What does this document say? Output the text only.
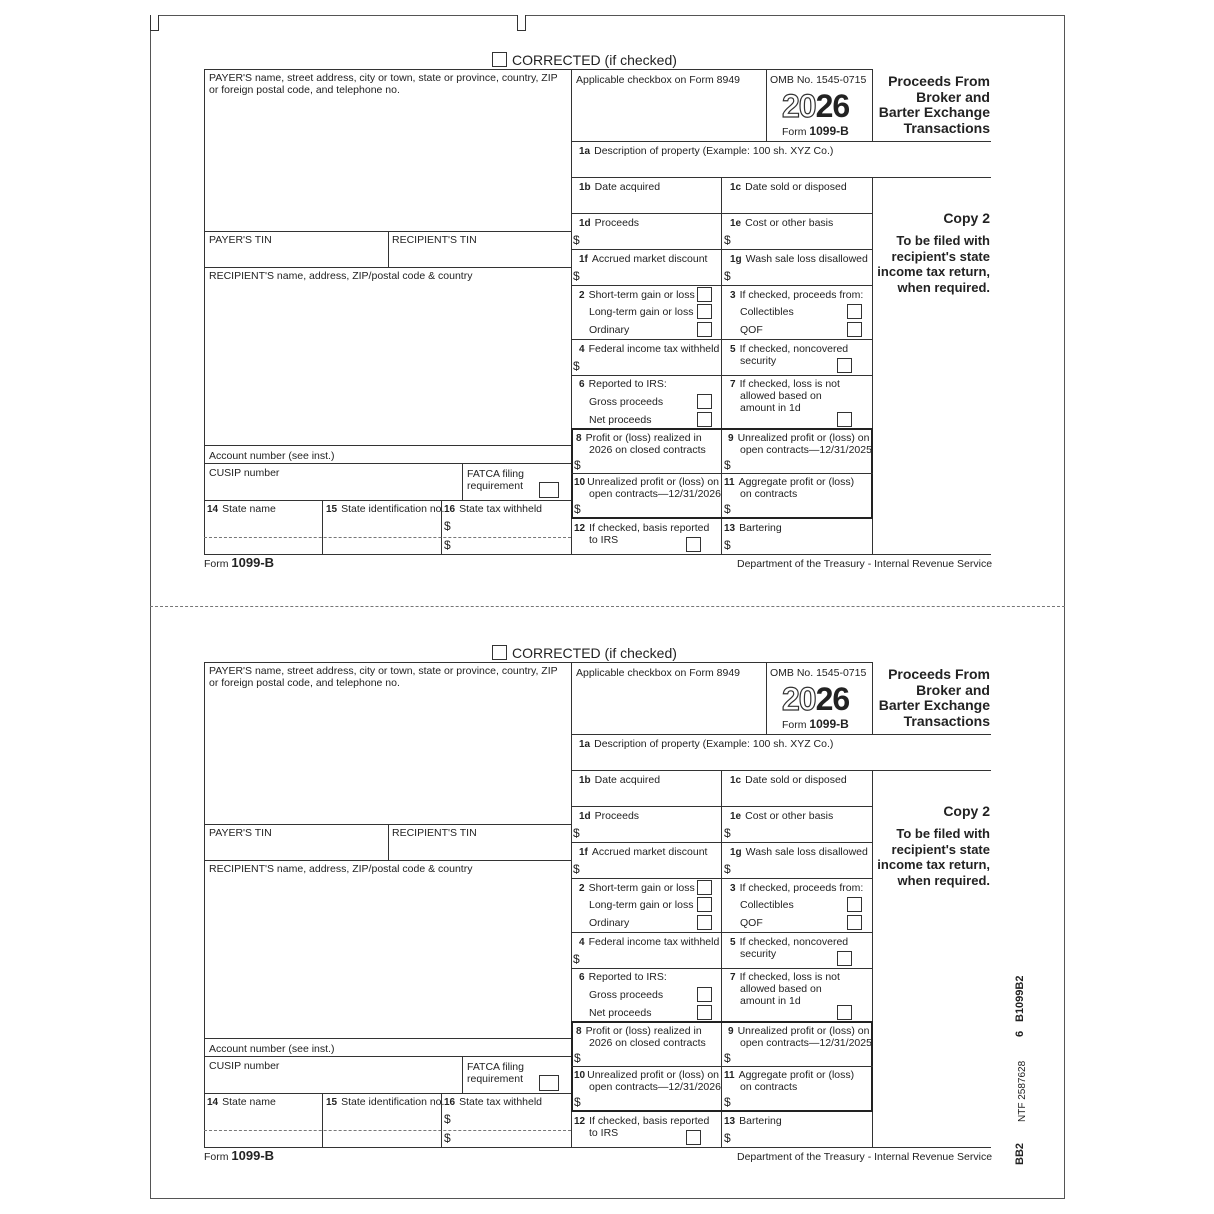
CORRECTED (if checked)
PAYER'S name, street address, city or town, state or province, country, ZIP
or foreign postal code, and telephone no.
PAYER'S TIN	RECIPIENT'S TIN
RECIPIENT'S name, address, ZIP/postal code & country
Account number (see inst.)
CUSIP number	FATCA filing
requirement
14 State name	15 State identification no. 16 State tax withheld
$
$
Form 1099-B	Department of the Treasury - Internal Revenue Service
Applicable checkbox on Form 8949	OMB No. 1545-0715
2026
Form 1099-B
Proceeds From
Broker and
Barter Exchange
Transactions
1a Description of property (Example: 100 sh. XYZ Co.)
1b Date acquired	1c Date sold or disposed
1d Proceeds	1e Cost or other basis
$	$
1f Accrued market discount 1g Wash sale loss disallowed
$	$
2 Short-term gain or loss
Long-term gain or loss
Ordinary
3 If checked, proceeds from:
Collectibles
QOF
4 Federal income tax withheld
$
5 If checked, noncovered
security
6 Reported to IRS:
Gross proceeds
Net proceeds
7 If checked, loss is not
allowed based on
amount in 1d
8 Profit or (loss) realized in
2026 on closed contracts
$
9 Unrealized profit or (loss) on
open contracts—12/31/2025
$
10 Unrealized profit or (loss) on
open contracts—12/31/2026
$
11 Aggregate profit or (loss)
on contracts
$
12 If checked, basis reported
to IRS
13 Bartering
$
Copy 2
To be filed with
recipient's state
income tax return,
when required.
CORRECTED (if checked)
PAYER'S name, street address, city or town, state or province, country, ZIP
or foreign postal code, and telephone no.
PAYER'S TIN	RECIPIENT'S TIN
RECIPIENT'S name, address, ZIP/postal code & country
Account number (see inst.)
CUSIP number	FATCA filing
requirement
14 State name	15 State identification no. 16 State tax withheld
$
$
Form 1099-B	Department of the Treasury - Internal Revenue Service
Applicable checkbox on Form 8949	OMB No. 1545-0715
2026
Form 1099-B
Proceeds From
Broker and
Barter Exchange
Transactions
1a Description of property (Example: 100 sh. XYZ Co.)
1b Date acquired	1c Date sold or disposed
1d Proceeds	1e Cost or other basis
$	$
1f Accrued market discount 1g Wash sale loss disallowed
$	$
2 Short-term gain or loss
Long-term gain or loss
Ordinary
3 If checked, proceeds from:
Collectibles
QOF
4 Federal income tax withheld
$
5 If checked, noncovered
security
6 Reported to IRS:
Gross proceeds
Net proceeds
7 If checked, loss is not
allowed based on
amount in 1d
8 Profit or (loss) realized in
2026 on closed contracts
$
9 Unrealized profit or (loss) on
open contracts—12/31/2025
$
10 Unrealized profit or (loss) on
open contracts—12/31/2026
$
11 Aggregate profit or (loss)
on contracts
$
12 If checked, basis reported
to IRS
13 Bartering
$
Copy 2
To be filed with
recipient's state
income tax return,
when required.
BB2
NTF 2587628
6
B1099B2
